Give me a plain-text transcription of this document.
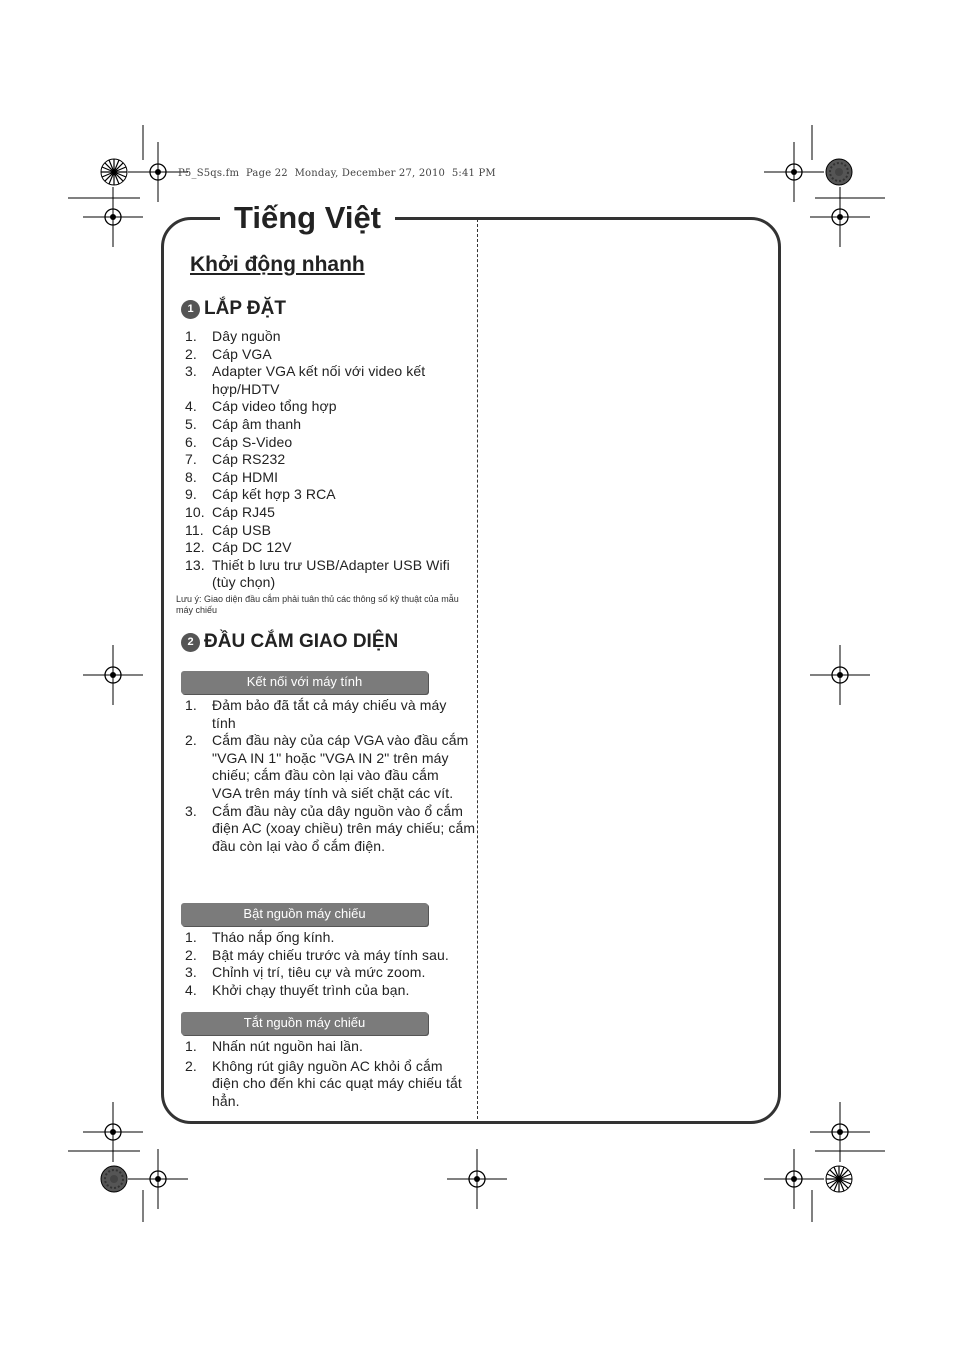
P5_S5qs.fm  Page 22  Monday, December 27, 2010  5:41 PM
Tiếng Việt
Khởi động nhanh
1 LẮP ĐẶT
1. Dây nguồn
2. Cáp VGA
3. Adapter VGA kết nối với video kết hợp/HDTV
4. Cáp video tổng hợp
5. Cáp âm thanh
6. Cáp S-Video
7. Cáp RS232
8. Cáp HDMI
9. Cáp kết hợp 3 RCA
10. Cáp RJ45
11. Cáp USB
12. Cáp DC 12V
13. Thiết b lưu trư USB/Adapter USB Wifi (tùy chọn)
Lưu ý: Giao diện đầu cắm phải tuân thủ các thông số kỹ thuật của mẫu máy chiếu
2 ĐẦU CẮM GIAO DIỆN
Kết nối với máy tính
1. Đảm bảo đã tắt cả máy chiếu và máy tính
2. Cắm đầu này của cáp VGA vào đầu cắm "VGA IN 1" hoặc "VGA IN 2" trên máy chiếu; cắm đầu còn lại vào đầu cắm VGA trên máy tính và siết chặt các vít.
3. Cắm đầu này của dây nguồn vào ổ cắm điện AC (xoay chiều) trên máy chiếu; cắm đầu còn lại vào ổ cắm điện.
Bật nguồn máy chiếu
1. Tháo nắp ống kính.
2. Bật máy chiếu trước và máy tính sau.
3. Chỉnh vị trí, tiêu cự và mức zoom.
4. Khởi chạy thuyết trình của bạn.
Tắt nguồn máy chiếu
1. Nhấn nút nguồn hai lần.
2. Không rút giây nguồn AC khỏi ổ cắm điện cho đến khi các quạt máy chiếu tắt hẳn.
